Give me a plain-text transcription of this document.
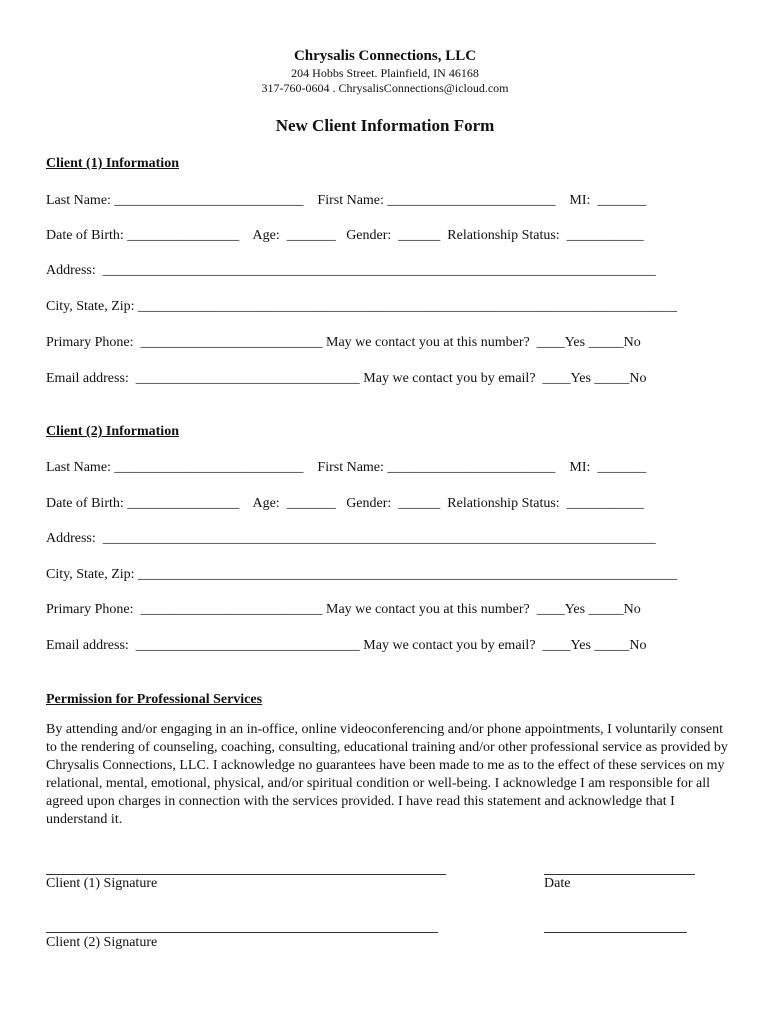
Chrysalis Connections, LLC
204 Hobbs Street. Plainfield, IN 46168
317-760-0604 . ChrysalisConnections@icloud.com
New Client Information Form
Client (1) Information
Last Name: ___________________________    First Name: ________________________    MI:  _______
Date of Birth: ________________    Age:  _______   Gender:  ______  Relationship Status:  ___________
Address:  _______________________________________________________________________________
City, State, Zip: _____________________________________________________________________________
Primary Phone:  __________________________ May we contact you at this number?  ____Yes _____No
Email address:  ________________________________ May we contact you by email?  ____Yes _____No
Client (2) Information
Last Name: ___________________________    First Name: ________________________    MI:  _______
Date of Birth: ________________    Age:  _______   Gender:  ______  Relationship Status:  ___________
Address:  _______________________________________________________________________________
City, State, Zip: _____________________________________________________________________________
Primary Phone:  __________________________ May we contact you at this number?  ____Yes _____No
Email address:  ________________________________ May we contact you by email?  ____Yes _____No
Permission for Professional Services
By attending and/or engaging in an in-office, online videoconferencing and/or phone appointments, I voluntarily consent to the rendering of counseling, coaching, consulting, educational training and/or other professional service as provided by Chrysalis Connections, LLC. I acknowledge no guarantees have been made to me as to the effect of these services on my relational, mental, emotional, physical, and/or spiritual condition or well-being. I acknowledge I am responsible for all agreed upon charges in connection with the services provided. I have read this statement and acknowledge that I understand it.
Client (1) Signature	Date
Client (2) Signature
